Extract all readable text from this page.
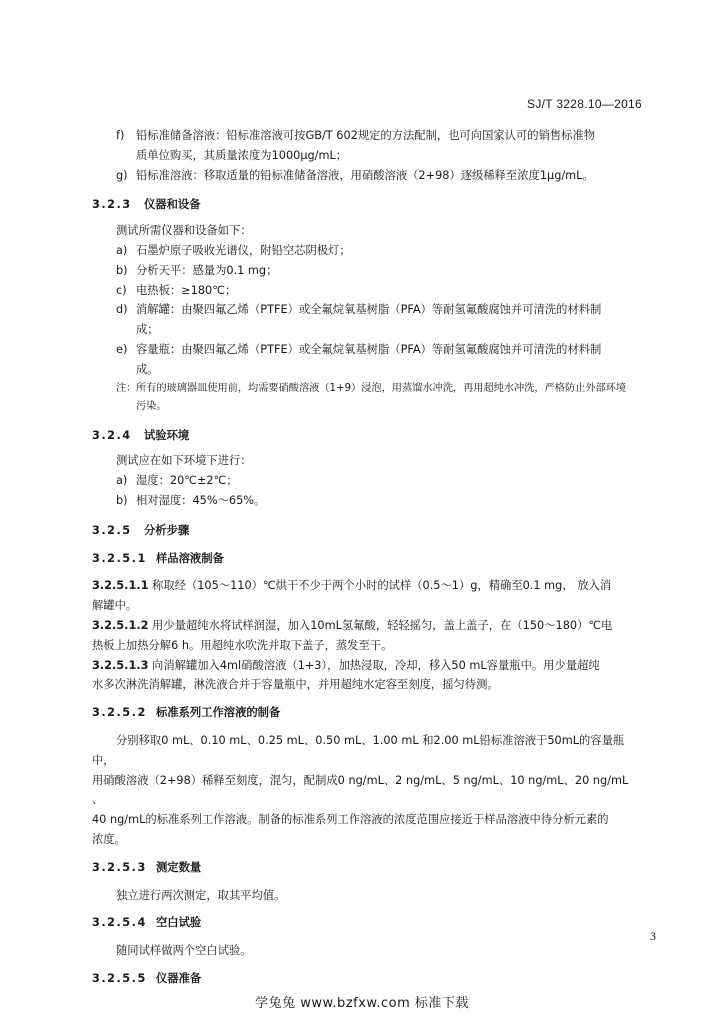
SJ/T 3228.10—2016
f) 铅标准储备溶液：铅标准溶液可按GB/T 602规定的方法配制，也可向国家认可的销售标准物
质单位购买，其质量浓度为1000μg/mL；
g) 铅标准溶液：移取适量的铅标准储备溶液，用硝酸溶液（2+98）逐级稀释至浓度1μg/mL。
3.2.3 仪器和设备
测试所需仪器和设备如下：
a) 石墨炉原子吸收光谱仪，附铅空芯阴极灯；
b) 分析天平：感量为0.1 mg；
c) 电热板：≥180℃；
d) 消解罐：由聚四氟乙烯（PTFE）或全氟烷氧基树脂（PFA）等耐氢氟酸腐蚀并可清洗的材料制
成；
e) 容量瓶：由聚四氟乙烯（PTFE）或全氟烷氧基树脂（PFA）等耐氢氟酸腐蚀并可清洗的材料制
成。
注： 所有的玻璃器皿使用前，均需要硝酸溶液（1+9）浸泡，用蒸馏水冲洗，再用超纯水冲洗，严格防止外部环境
污染。
3.2.4 试验环境
测试应在如下环境下进行：
a) 湿度：20℃±2℃；
b) 相对湿度：45%～65%。
3.2.5 分析步骤
3.2.5.1 样品溶液制备
3.2.5.1.1 称取经（105～110）℃烘干不少于两个小时的试样（0.5～1）g，精确至0.1 mg， 放入消
解罐中。
3.2.5.1.2 用少量超纯水将试样润湿，加入10mL氢氟酸，轻轻摇匀，盖上盖子，在（150～180）℃电
热板上加热分解6 h。用超纯水吹洗并取下盖子，蒸发至干。
3.2.5.1.3 向消解罐加入4ml硝酸溶液（1+3），加热浸取，冷却，移入50 mL容量瓶中。用少量超纯
水多次淋洗消解罐，淋洗液合并于容量瓶中，并用超纯水定容至刻度，摇匀待测。
3.2.5.2 标准系列工作溶液的制备
分别移取0 mL、0.10 mL、0.25 mL、0.50 mL、1.00 mL 和2.00 mL铅标准溶液于50mL的容量瓶中，
用硝酸溶液（2+98）稀释至刻度，混匀，配制成0 ng/mL、2 ng/mL、5 ng/mL、10 ng/mL、20 ng/mL 、
40 ng/mL的标准系列工作溶液。制备的标准系列工作溶液的浓度范围应接近于样品溶液中待分析元素的
浓度。
3.2.5.3 测定数量
独立进行两次测定，取其平均值。
3.2.5.4 空白试验
随同试样做两个空白试验。
3.2.5.5 仪器准备
3
学兔兔 www.bzfxw.com 标准下载
